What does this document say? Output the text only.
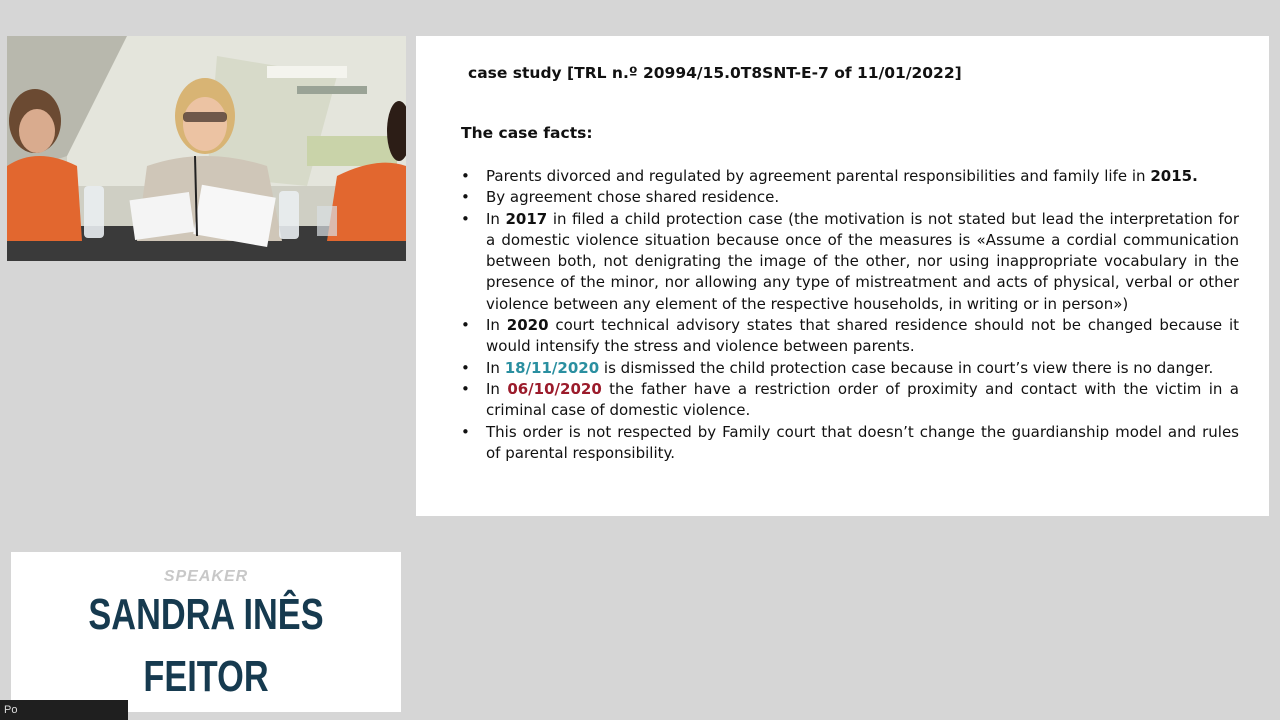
case study [TRL n.º 20994/15.0T8SNT-E-7 of 11/01/2022]
The case facts:
• Parents divorced and regulated by agreement parental responsibilities and family life in 2015.
• By agreement chose shared residence.
• In 2017 in filed a child protection case (the motivation is not stated but lead the interpretation for a domestic violence situation because once of the measures is «Assume a cordial communication between both, not denigrating the image of the other, nor using inappropriate vocabulary in the presence of the minor, nor allowing any type of mistreatment and acts of physical, verbal or other violence between any element of the respective households, in writing or in person»)
• In 2020 court technical advisory states that shared residence should not be changed because it would intensify the stress and violence between parents.
• In 18/11/2020 is dismissed the child protection case because in court’s view there is no danger.
• In 06/10/2020 the father have a restriction order of proximity and contact with the victim in a criminal case of domestic violence.
• This order is not respected by Family court that doesn’t change the guardianship model and rules of parental responsibility.
SPEAKER
SANDRA INÊS
FEITOR
Po
